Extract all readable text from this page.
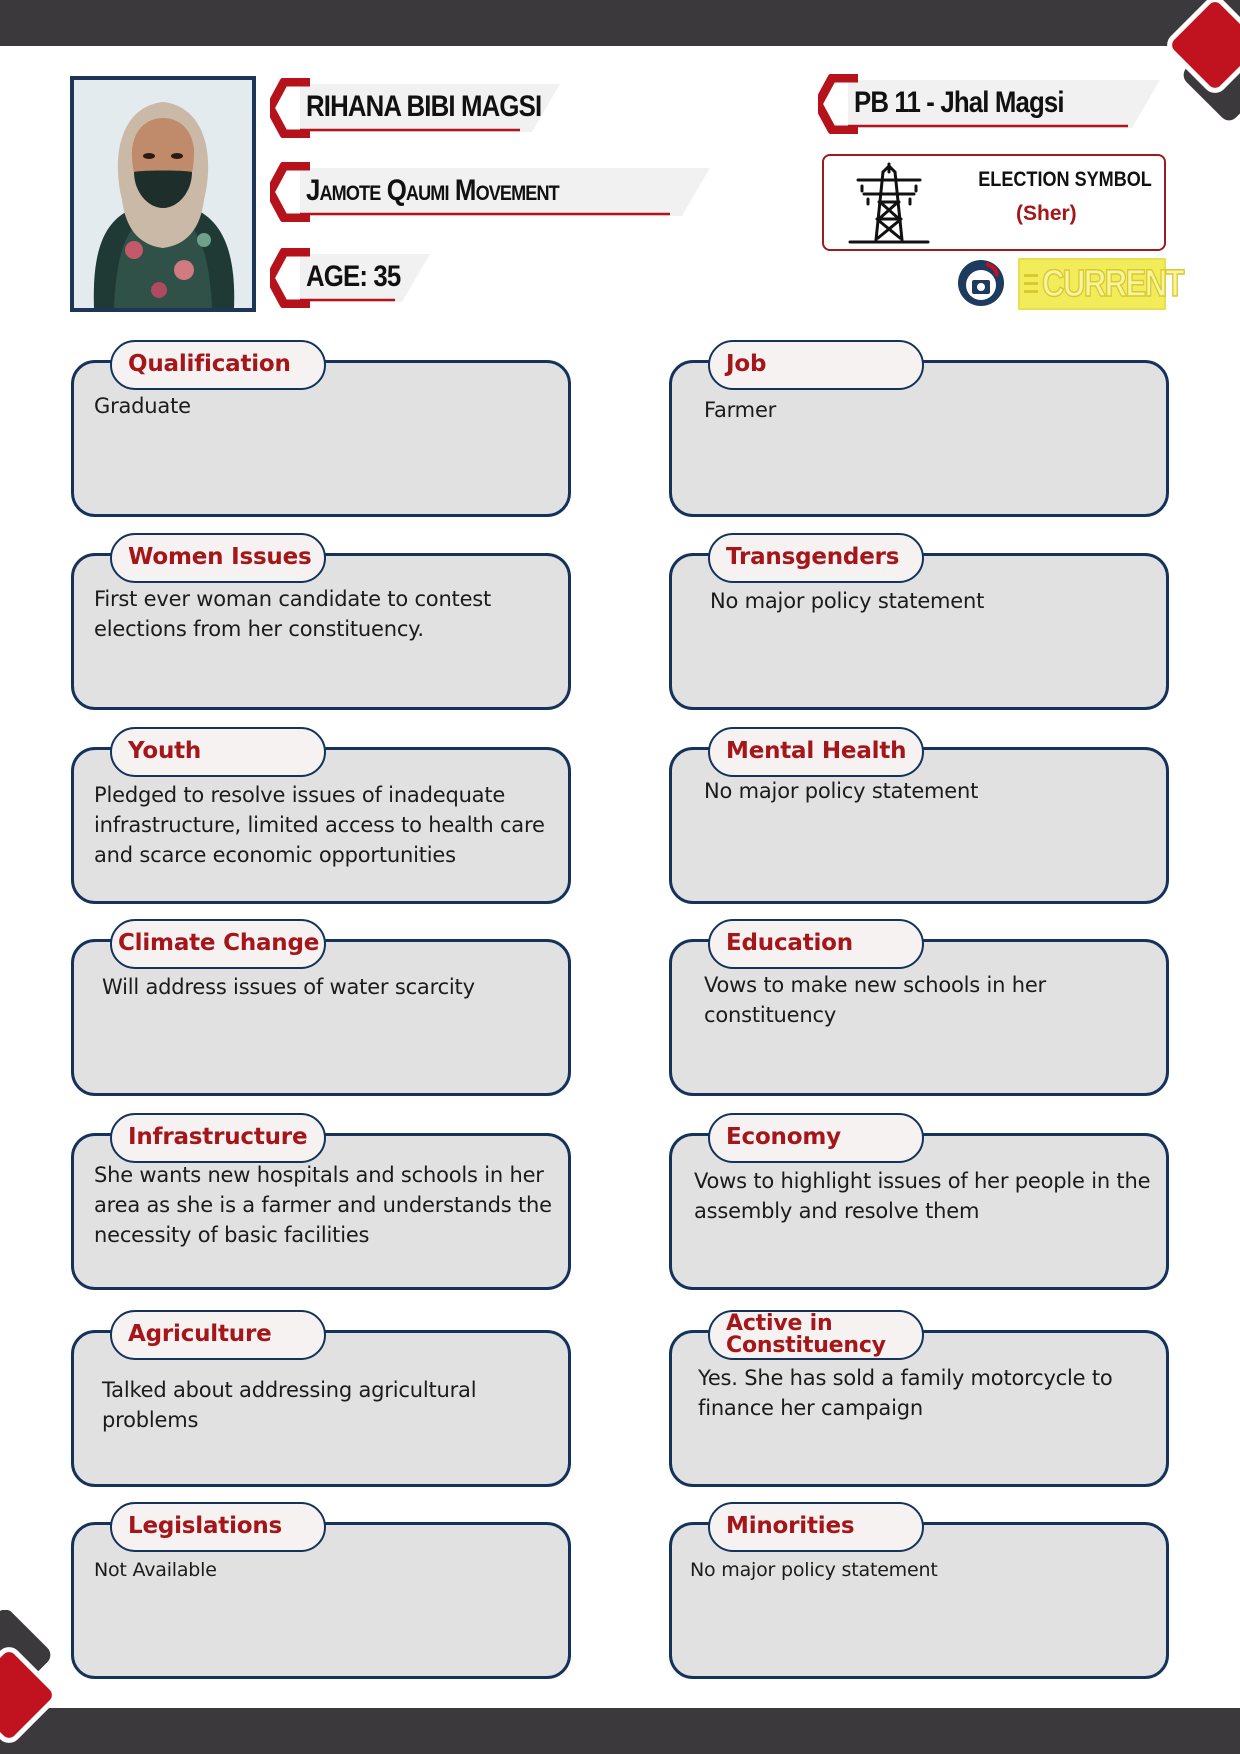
RIHANA BIBI MAGSI
Jamote Qaumi Movement
AGE: 35
PB 11 - Jhal Magsi
ELECTION SYMBOL
(Sher)
CURRENT
Qualification
Graduate
Job
Farmer
Women Issues
First ever woman candidate to contest elections from her constituency.
Transgenders
No major policy statement
Youth
Pledged to resolve issues of inadequate infrastructure, limited access to health care and scarce economic opportunities
Mental Health
No major policy statement
Climate Change
Will address issues of water scarcity
Education
Vows to make new schools in her constituency
Infrastructure
She wants new hospitals and schools in her area as she is a farmer and understands the necessity of basic facilities
Economy
Vows to highlight issues of her people in the assembly and resolve them
Agriculture
Talked about addressing agricultural problems
Active in Constituency
Yes. She has sold a family motorcycle to finance her campaign
Legislations
Not Available
Minorities
No major policy statement
